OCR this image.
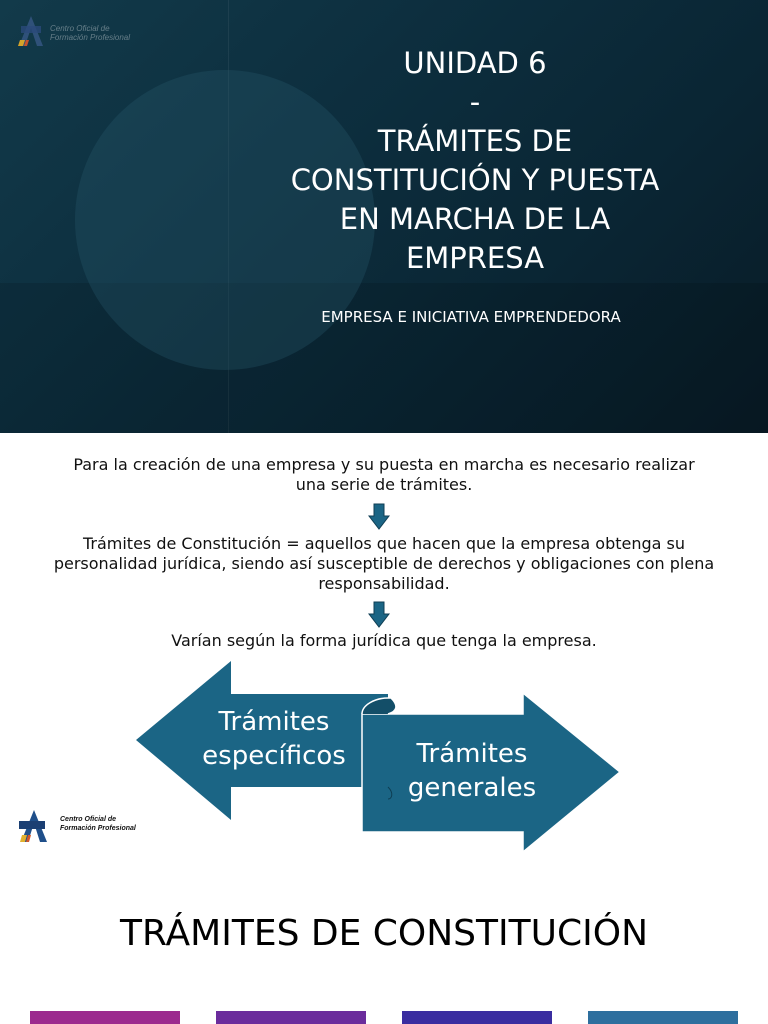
Centro Oficial de
Formación Profesional
UNIDAD 6
-
TRÁMITES DE
CONSTITUCIÓN Y PUESTA
EN MARCHA DE LA
EMPRESA
EMPRESA E INICIATIVA EMPRENDEDORA
Para la creación de una empresa y su puesta en marcha es necesario realizar
una serie de trámites.
Trámites de Constitución = aquellos que hacen que la empresa obtenga su
personalidad jurídica, siendo así susceptible de derechos y obligaciones con plena
responsabilidad.
Varían según la forma jurídica que tenga la empresa.
Trámites
específicos	Trámites
generales
Centro Oficial de
Formación Profesional
TRÁMITES DE CONSTITUCIÓN
